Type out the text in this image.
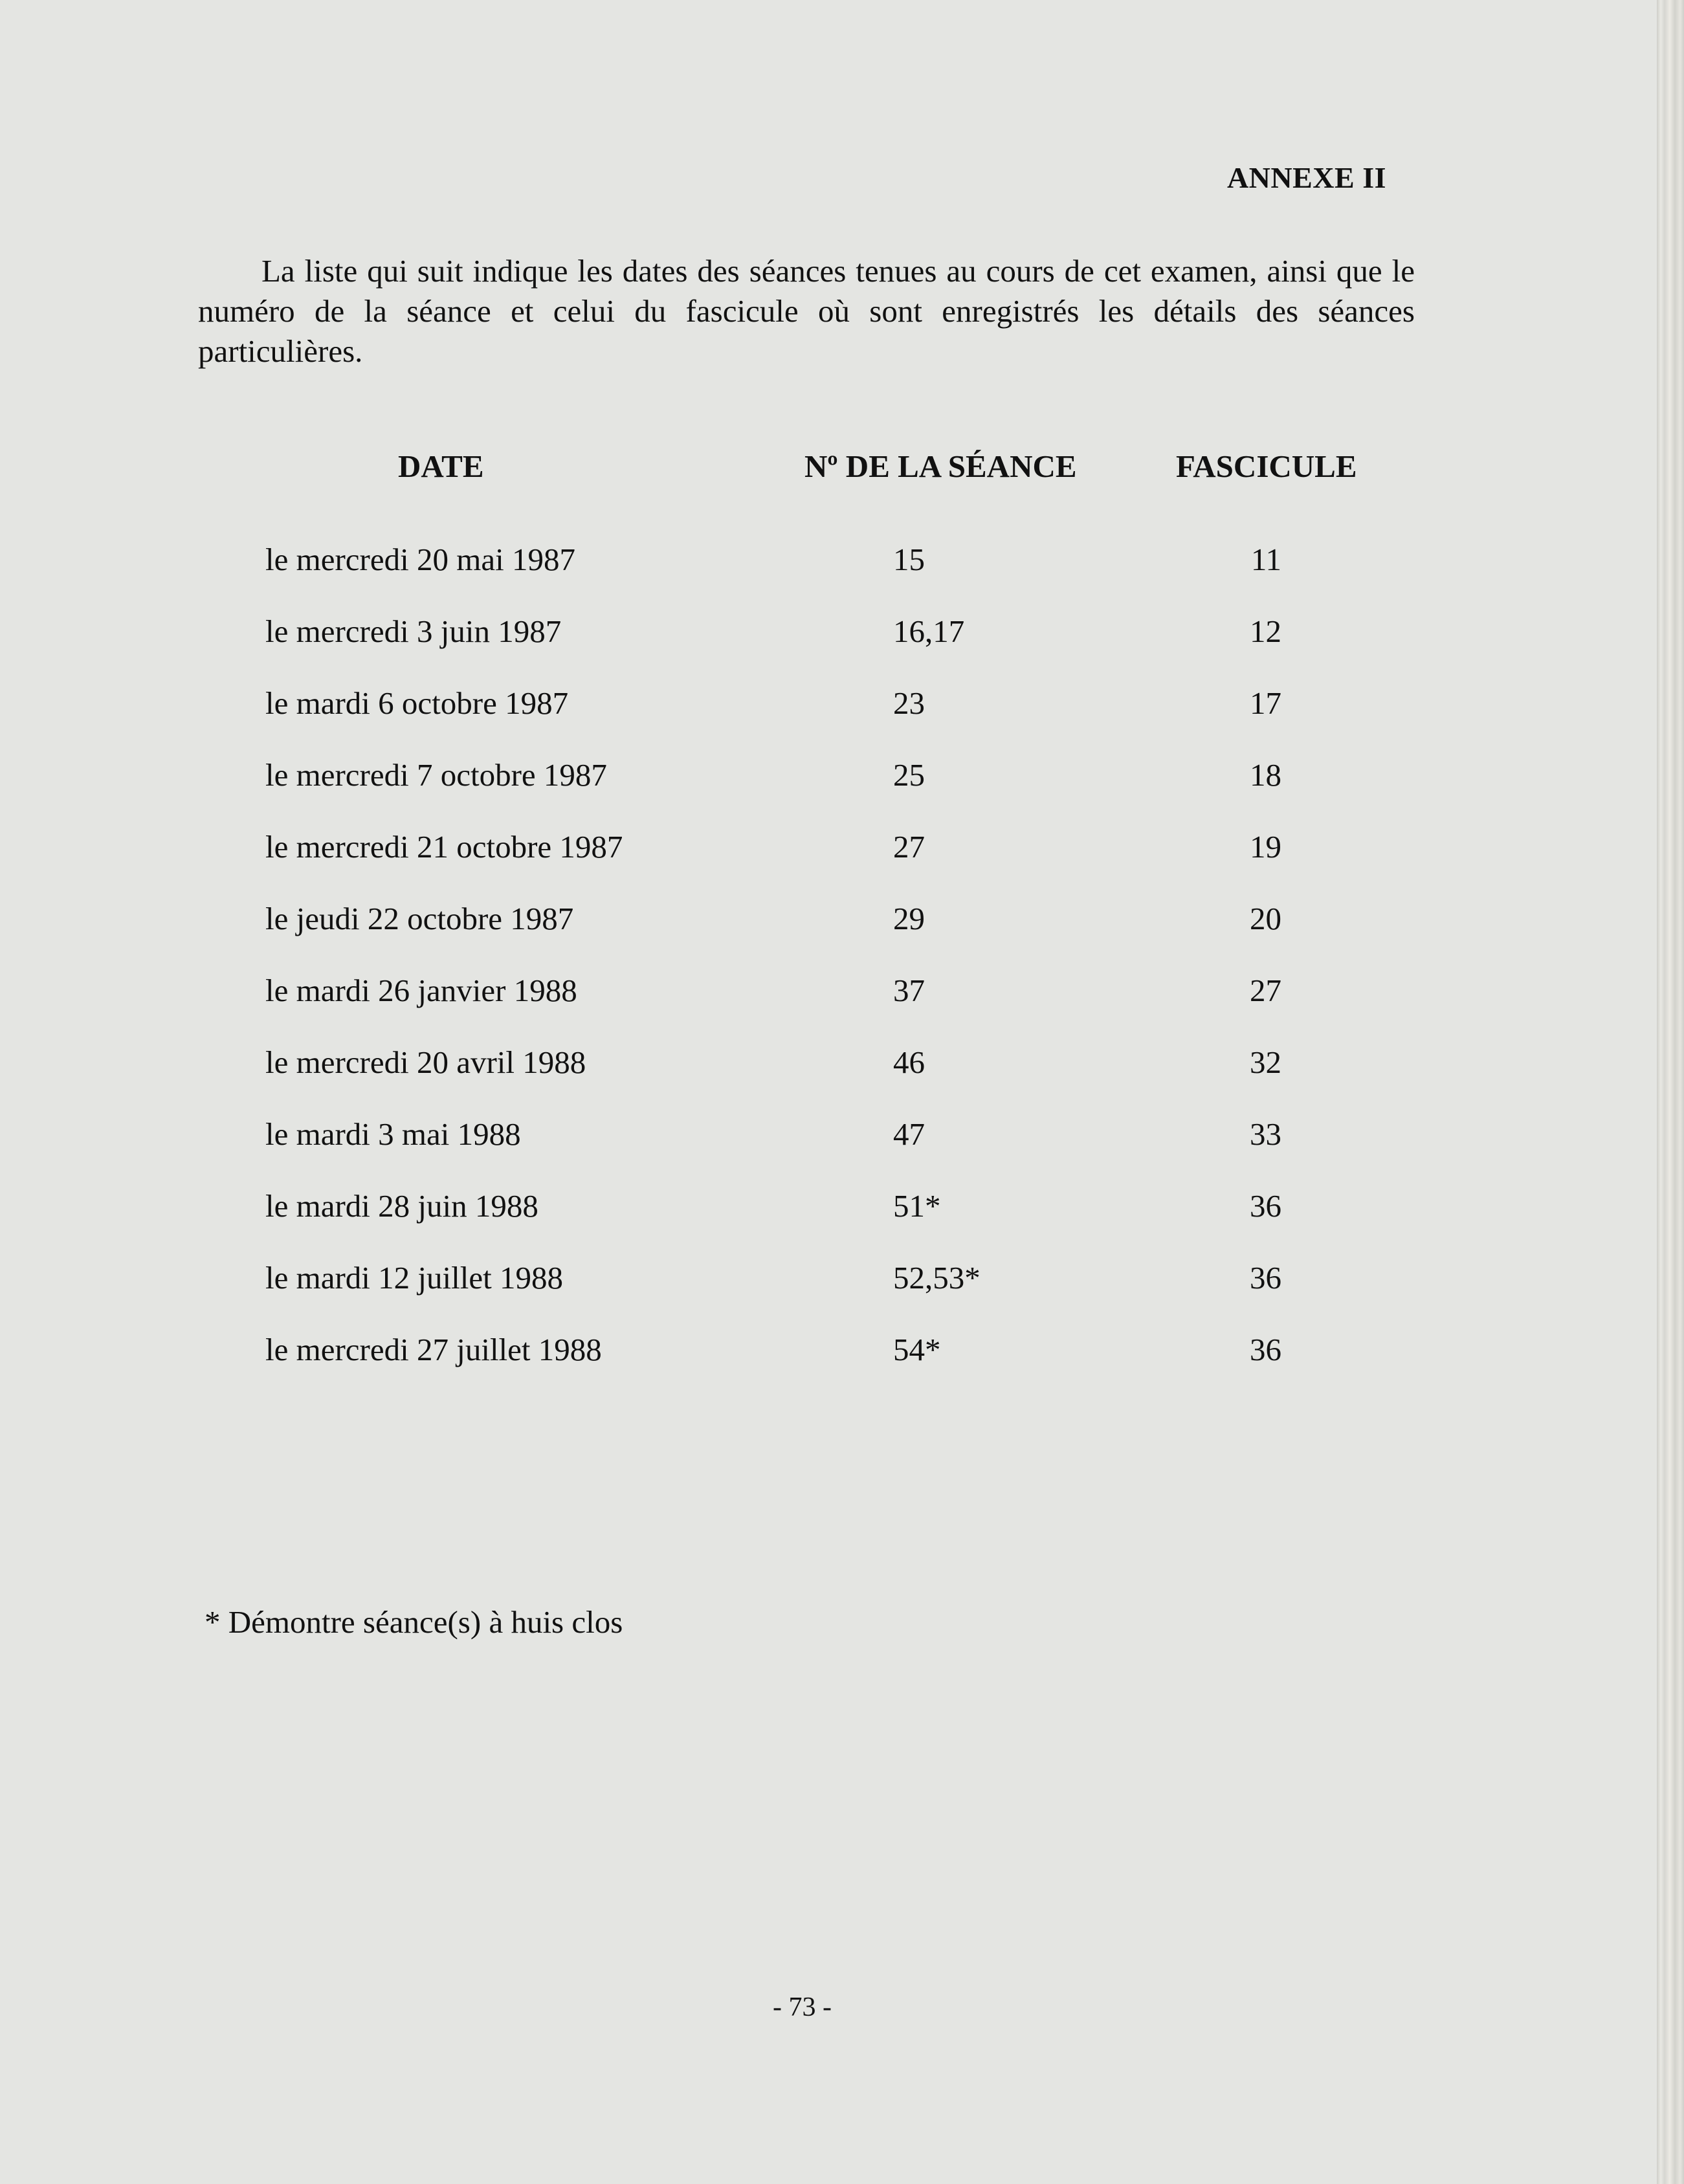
ANNEXE II

La liste qui suit indique les dates des séances tenues au cours de cet examen, ainsi que le numéro de la séance et celui du fascicule où sont enregistrés les détails des séances particulières.

DATE	Nº DE LA SÉANCE	FASCICULE
le mercredi 20 mai 1987	15	11
le mercredi 3 juin 1987	16,17	12
le mardi 6 octobre 1987	23	17
le mercredi 7 octobre 1987	25	18
le mercredi 21 octobre 1987	27	19
le jeudi 22 octobre 1987	29	20
le mardi 26 janvier 1988	37	27
le mercredi 20 avril 1988	46	32
le mardi 3 mai 1988	47	33
le mardi 28 juin 1988	51*	36
le mardi 12 juillet 1988	52,53*	36
le mercredi 27 juillet 1988	54*	36
* Démontre séance(s) à huis clos
- 73 -
